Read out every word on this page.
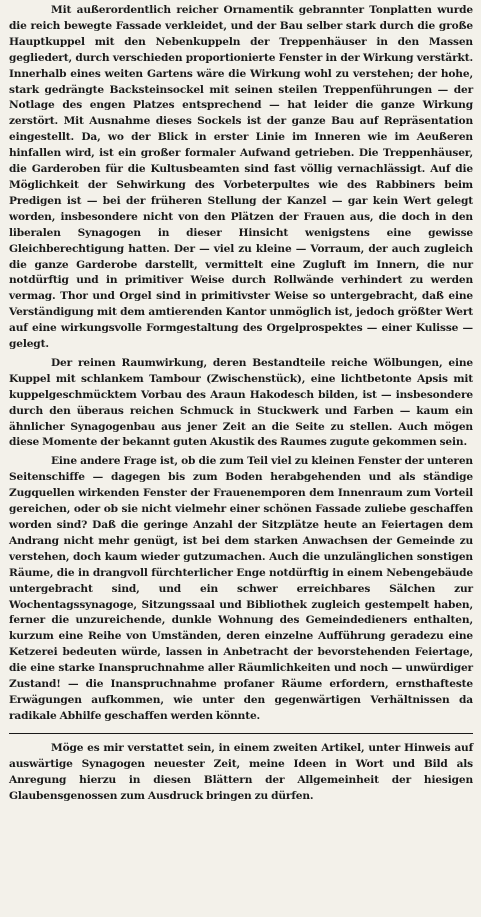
Mit außerordentlich reicher Ornamentik gebrannter Tonplatten wurde die reich bewegte Fassade verkleidet, und der Bau selber stark durch die große Hauptkuppel mit den Nebenkuppeln der Treppenhäuser in den Massen gegliedert, durch verschieden proportionierte Fenster in der Wirkung verstärkt. Innerhalb eines weiten Gartens wäre die Wirkung wohl zu verstehen; der hohe, stark gedrängte Backsteinsockel mit seinen steilen Treppenführungen — der Notlage des engen Platzes entsprechend — hat leider die ganze Wirkung zerstört. Mit Ausnahme dieses Sockels ist der ganze Bau auf Repräsentation eingestellt. Da, wo der Blick in erster Linie im Inneren wie im Aeußeren hinfallen wird, ist ein großer formaler Aufwand getrieben. Die Treppenhäuser, die Garderoben für die Kultusbeamten sind fast völlig vernachlässigt. Auf die Möglichkeit der Sehwirkung des Vorbeterpultes wie des Rabbiners beim Predigen ist — bei der früheren Stellung der Kanzel — gar kein Wert gelegt worden, insbesondere nicht von den Plätzen der Frauen aus, die doch in den liberalen Synagogen in dieser Hinsicht wenigstens eine gewisse Gleichberechtigung hatten. Der — viel zu kleine — Vorraum, der auch zugleich die ganze Garderobe darstellt, vermittelt eine Zugluft im Innern, die nur notdürftig und in primitiver Weise durch Rollwände verhindert zu werden vermag. Thor und Orgel sind in primitivster Weise so untergebracht, daß eine Verständigung mit dem amtierenden Kantor unmöglich ist, jedoch größter Wert auf eine wirkungsvolle Formgestaltung des Orgelprospektes — einer Kulisse — gelegt.

Der reinen Raumwirkung, deren Bestandteile reiche Wölbungen, eine Kuppel mit schlankem Tambour (Zwischenstück), eine lichtbetonte Apsis mit kuppelgeschmücktem Vorbau des Araun Hakodesch bilden, ist — insbesondere durch den überaus reichen Schmuck in Stuckwerk und Farben — kaum ein ähnlicher Synagogenbau aus jener Zeit an die Seite zu stellen. Auch mögen diese Momente der bekannt guten Akustik des Raumes zugute gekommen sein.

Eine andere Frage ist, ob die zum Teil viel zu kleinen Fenster der unteren Seitenschiffe — dagegen bis zum Boden herabgehenden und als ständige Zugquellen wirkenden Fenster der Frauenemporen dem Innenraum zum Vorteil gereichen, oder ob sie nicht vielmehr einer schönen Fassade zuliebe geschaffen worden sind? Daß die geringe Anzahl der Sitzplätze heute an Feiertagen dem Andrang nicht mehr genügt, ist bei dem starken Anwachsen der Gemeinde zu verstehen, doch kaum wieder gutzumachen. Auch die unzulänglichen sonstigen Räume, die in drangvoll fürchterlicher Enge notdürftig in einem Nebengebäude untergebracht sind, und ein schwer erreichbares Sälchen zur Wochentagssynagoge, Sitzungssaal und Bibliothek zugleich gestempelt haben, ferner die unzureichende, dunkle Wohnung des Gemeindedieners enthalten, kurzum eine Reihe von Umständen, deren einzelne Aufführung geradezu eine Ketzerei bedeuten würde, lassen in Anbetracht der bevorstehenden Feiertage, die eine starke Inanspruchnahme aller Räumlichkeiten und noch — unwürdiger Zustand! — die Inanspruchnahme profaner Räume erfordern, ernsthafteste Erwägungen aufkommen, wie unter den gegenwärtigen Verhältnissen da radikale Abhilfe geschaffen werden könnte.

Möge es mir verstattet sein, in einem zweiten Artikel, unter Hinweis auf auswärtige Synagogen neuester Zeit, meine Ideen in Wort und Bild als Anregung hierzu in diesen Blättern der Allgemeinheit der hiesigen Glaubensgenossen zum Ausdruck bringen zu dürfen.
